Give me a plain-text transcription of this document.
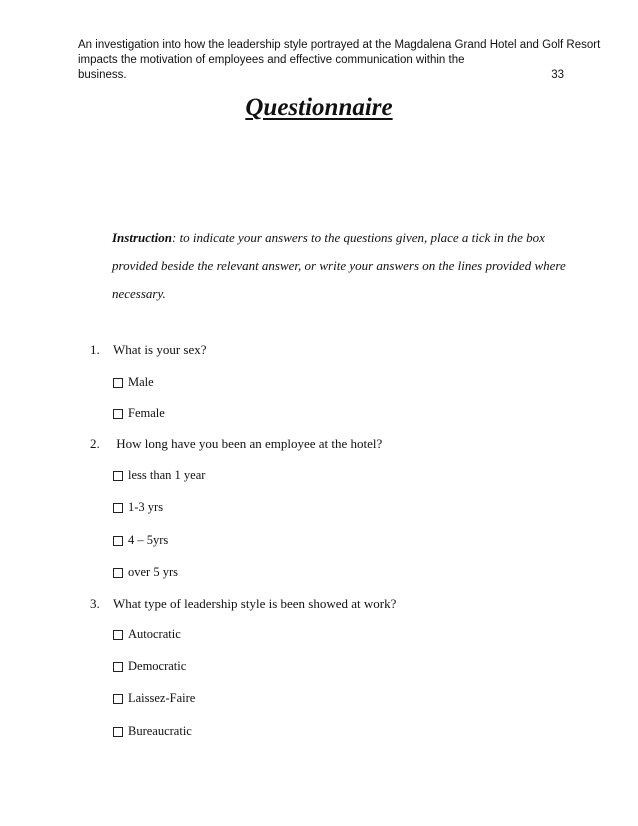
An investigation into how the leadership style portrayed at the Magdalena Grand Hotel and Golf Resort
impacts the motivation of employees and effective communication within the
business.	33
Questionnaire
Instruction: to indicate your answers to the questions given, place a tick in the box provided beside the relevant answer, or write your answers on the lines provided where necessary.
1. What is your sex?
Male
Female
2. How long have you been an employee at the hotel?
less than 1 year
1-3 yrs
4 – 5yrs
over 5 yrs
3. What type of leadership style is been showed at work?
Autocratic
Democratic
Laissez-Faire
Bureaucratic
